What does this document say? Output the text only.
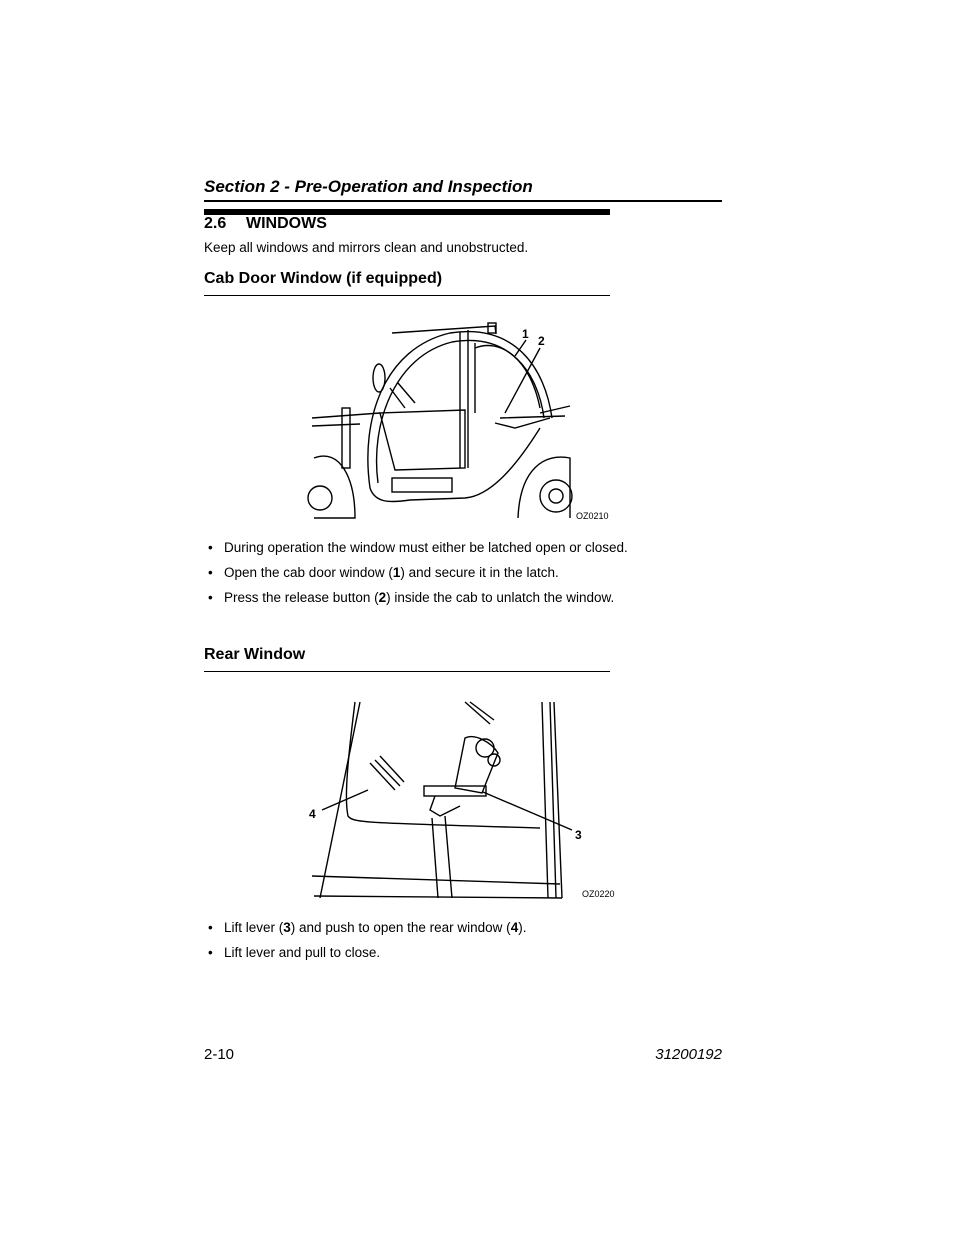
Section 2 - Pre-Operation and Inspection
2.6 WINDOWS
Keep all windows and mirrors clean and unobstructed.
Cab Door Window (if equipped)
1 2
OZ0210
• During operation the window must either be latched open or closed.
• Open the cab door window (1) and secure it in the latch.
• Press the release button (2) inside the cab to unlatch the window.
Rear Window
4
3
OZ0220
• Lift lever (3) and push to open the rear window (4).
• Lift lever and pull to close.
2-10	31200192
